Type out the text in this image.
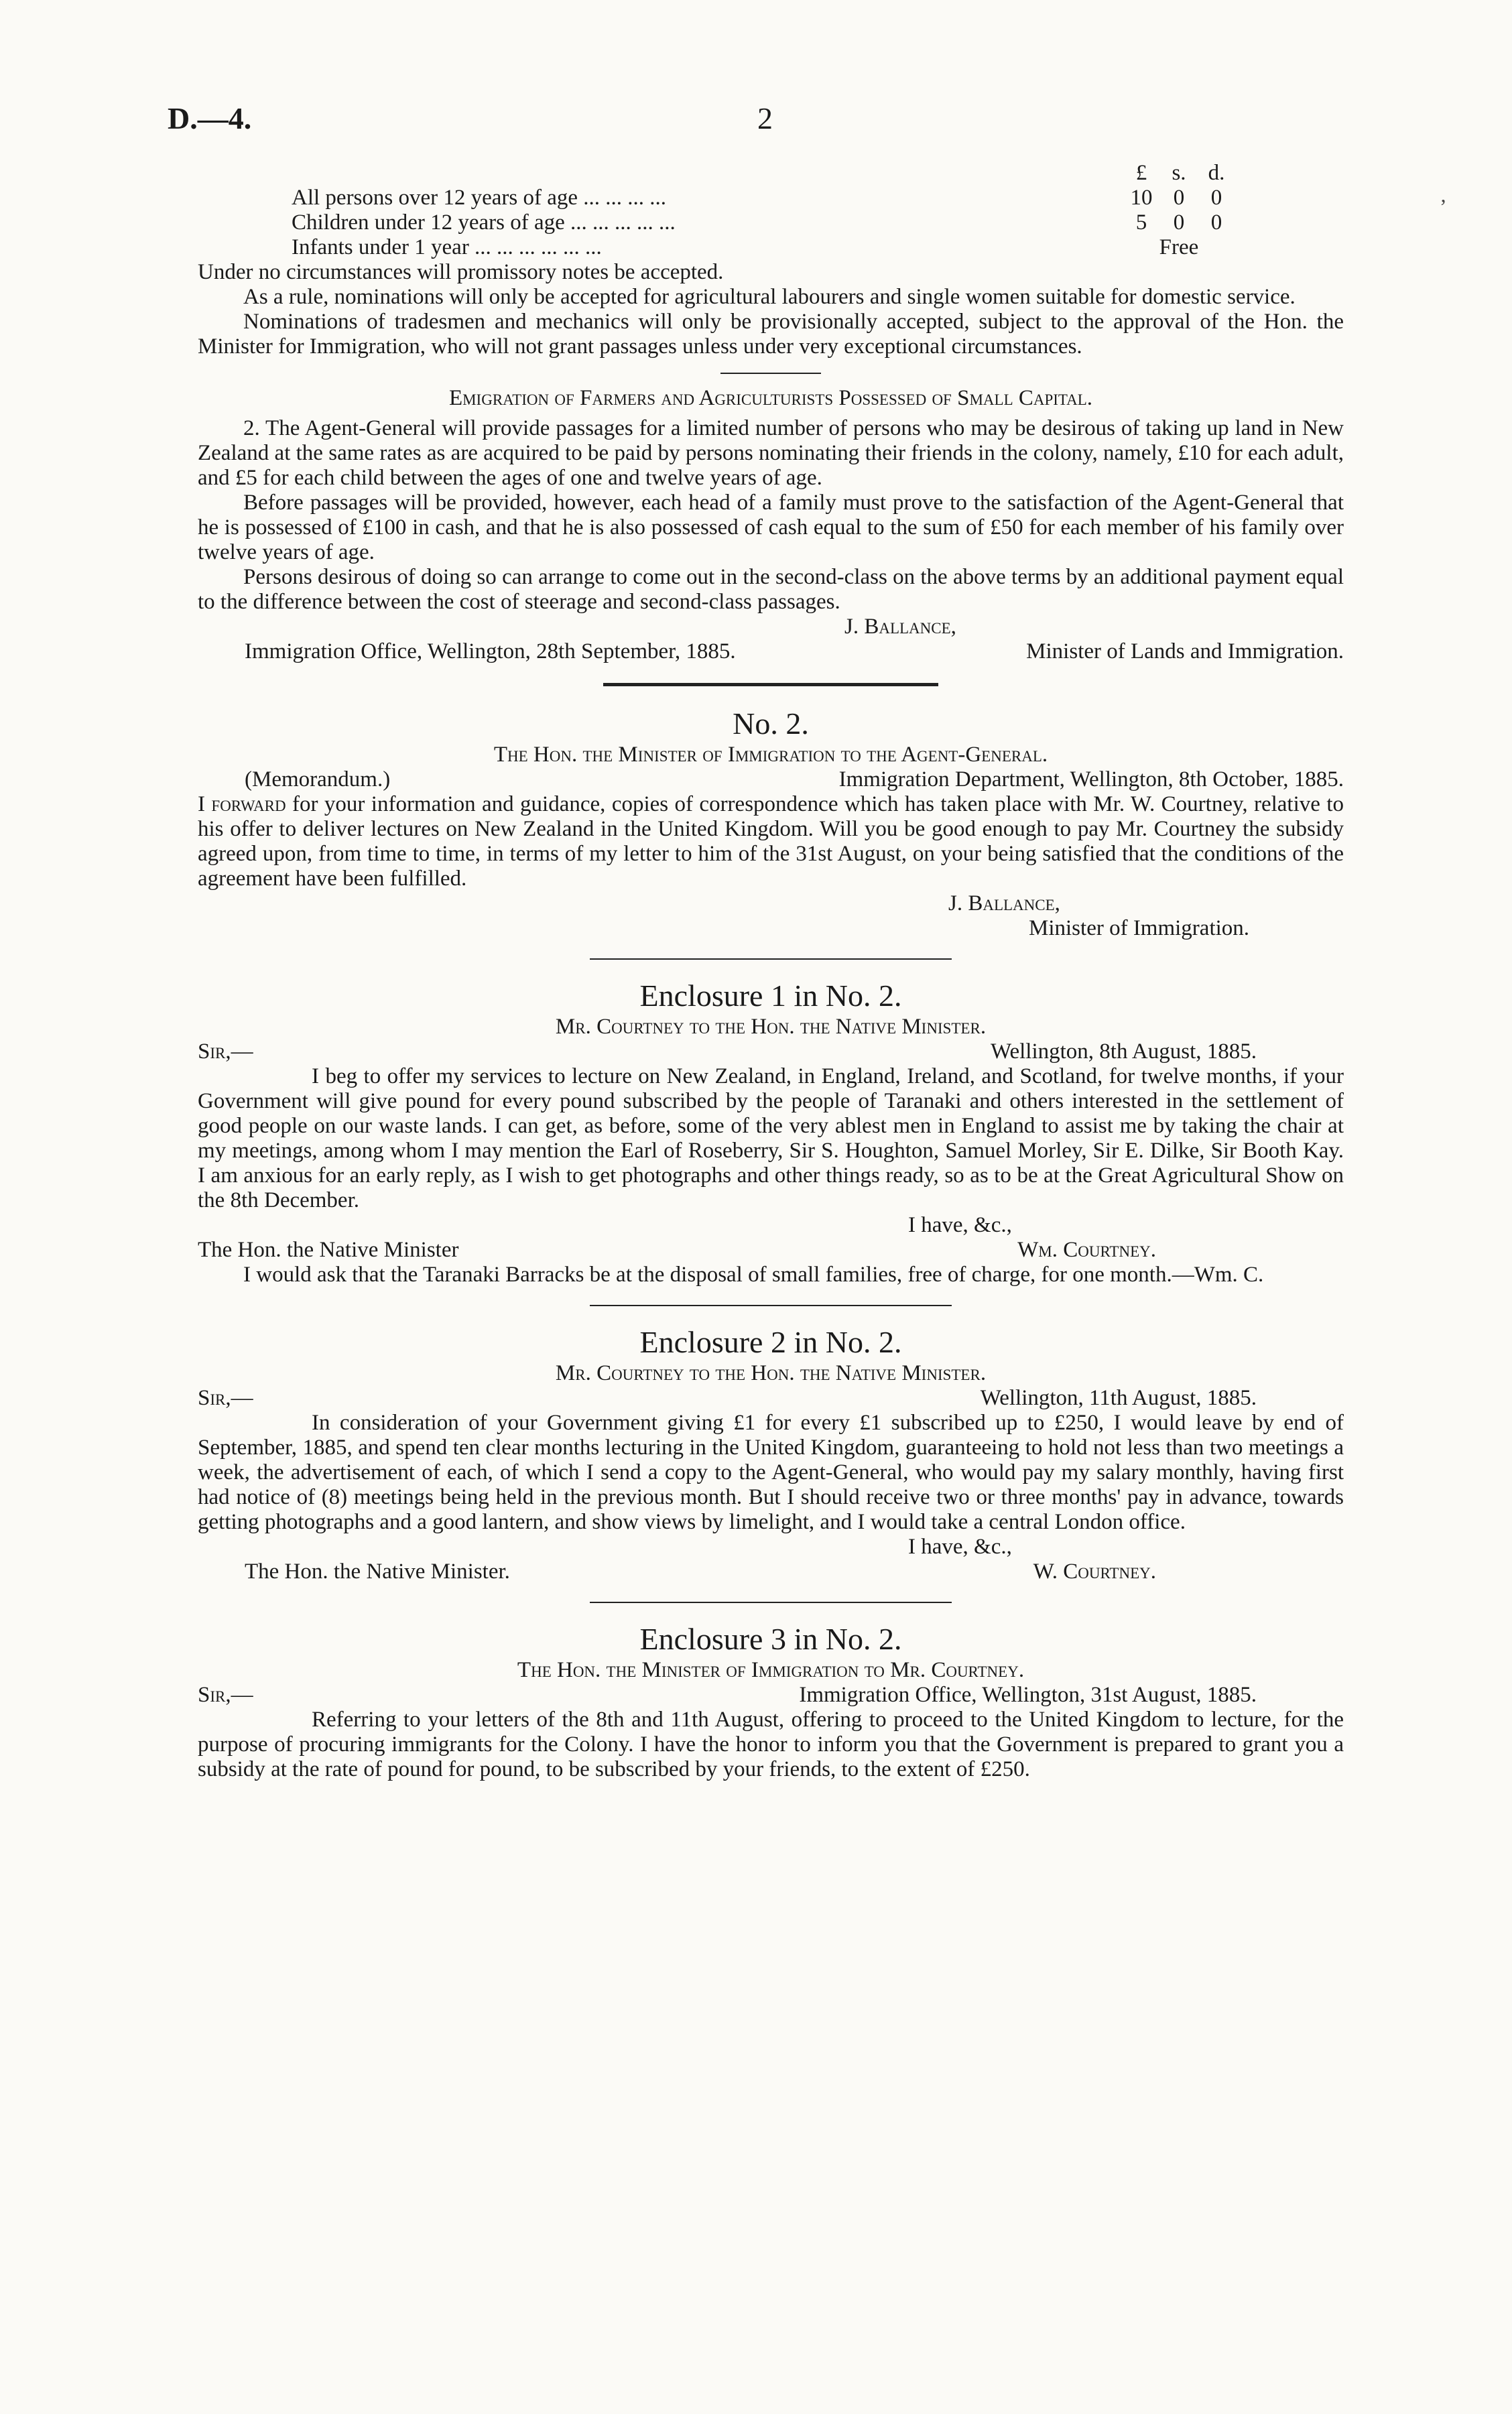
D.—4.	2
’
£	s.	d.
All persons over 12 years of age ... ... ... ...	10 0	0
Children under 12 years of age ... ... ... ... ...	5	0	0
Infants under 1 year ... ... ... ... ... ...	Free

Under no circumstances will promissory notes be accepted.

As a rule, nominations will only be accepted for agricultural labourers and single women suitable for domestic service.

Nominations of tradesmen and mechanics will only be provisionally accepted, subject to the approval of the Hon. the Minister for Immigration, who will not grant passages unless under very exceptional circumstances.

Emigration of Farmers and Agriculturists Possessed of Small Capital.

2. The Agent-General will provide passages for a limited number of persons who may be desirous of taking up land in New Zealand at the same rates as are acquired to be paid by persons nominating their friends in the colony, namely, £10 for each adult, and £5 for each child between the ages of one and twelve years of age.

Before passages will be provided, however, each head of a family must prove to the satisfaction of the Agent-General that he is possessed of £100 in cash, and that he is also possessed of cash equal to the sum of £50 for each member of his family over twelve years of age.

Persons desirous of doing so can arrange to come out in the second-class on the above terms by an additional payment equal to the difference between the cost of steerage and second-class passages.

J. Ballance,

Immigration Office, Wellington, 28th September, 1885.	Minister of Lands and Immigration.
No. 2.

The Hon. the Minister of Immigration to the Agent-General.

(Memorandum.)	Immigration Department, Wellington, 8th October, 1885.

I forward for your information and guidance, copies of correspondence which has taken place with Mr. W. Courtney, relative to his offer to deliver lectures on New Zealand in the United Kingdom. Will you be good enough to pay Mr. Courtney the subsidy agreed upon, from time to time, in terms of my letter to him of the 31st August, on your being satisfied that the conditions of the agreement have been fulfilled.

J. Ballance,

Minister of Immigration.

Enclosure 1 in No. 2.

Mr. Courtney to the Hon. the Native Minister.

Sir,—	Wellington, 8th August, 1885.

I beg to offer my services to lecture on New Zealand, in England, Ireland, and Scotland, for twelve months, if your Government will give pound for every pound subscribed by the people of Taranaki and others interested in the settlement of good people on our waste lands. I can get, as before, some of the very ablest men in England to assist me by taking the chair at my meetings, among whom I may mention the Earl of Roseberry, Sir S. Houghton, Samuel Morley, Sir E. Dilke, Sir Booth Kay. I am anxious for an early reply, as I wish to get photographs and other things ready, so as to be at the Great Agricultural Show on the 8th December.

I have, &c.,

The Hon. the Native Minister	Wm. Courtney.

I would ask that the Taranaki Barracks be at the disposal of small families, free of charge, for one month.—Wm. C.

Enclosure 2 in No. 2.

Mr. Courtney to the Hon. the Native Minister.

Sir,—	Wellington, 11th August, 1885.

In consideration of your Government giving £1 for every £1 subscribed up to £250, I would leave by end of September, 1885, and spend ten clear months lecturing in the United Kingdom, guaranteeing to hold not less than two meetings a week, the advertisement of each, of which I send a copy to the Agent-General, who would pay my salary monthly, having first had notice of (8) meetings being held in the previous month. But I should receive two or three months' pay in advance, towards getting photographs and a good lantern, and show views by limelight, and I would take a central London office.

I have, &c.,

The Hon. the Native Minister.	W. Courtney.
Enclosure 3 in No. 2.

The Hon. the Minister of Immigration to Mr. Courtney.

Sir,—	Immigration Office, Wellington, 31st August, 1885.

Referring to your letters of the 8th and 11th August, offering to proceed to the United Kingdom to lecture, for the purpose of procuring immigrants for the Colony. I have the honor to inform you that the Government is prepared to grant you a subsidy at the rate of pound for pound, to be subscribed by your friends, to the extent of £250.
